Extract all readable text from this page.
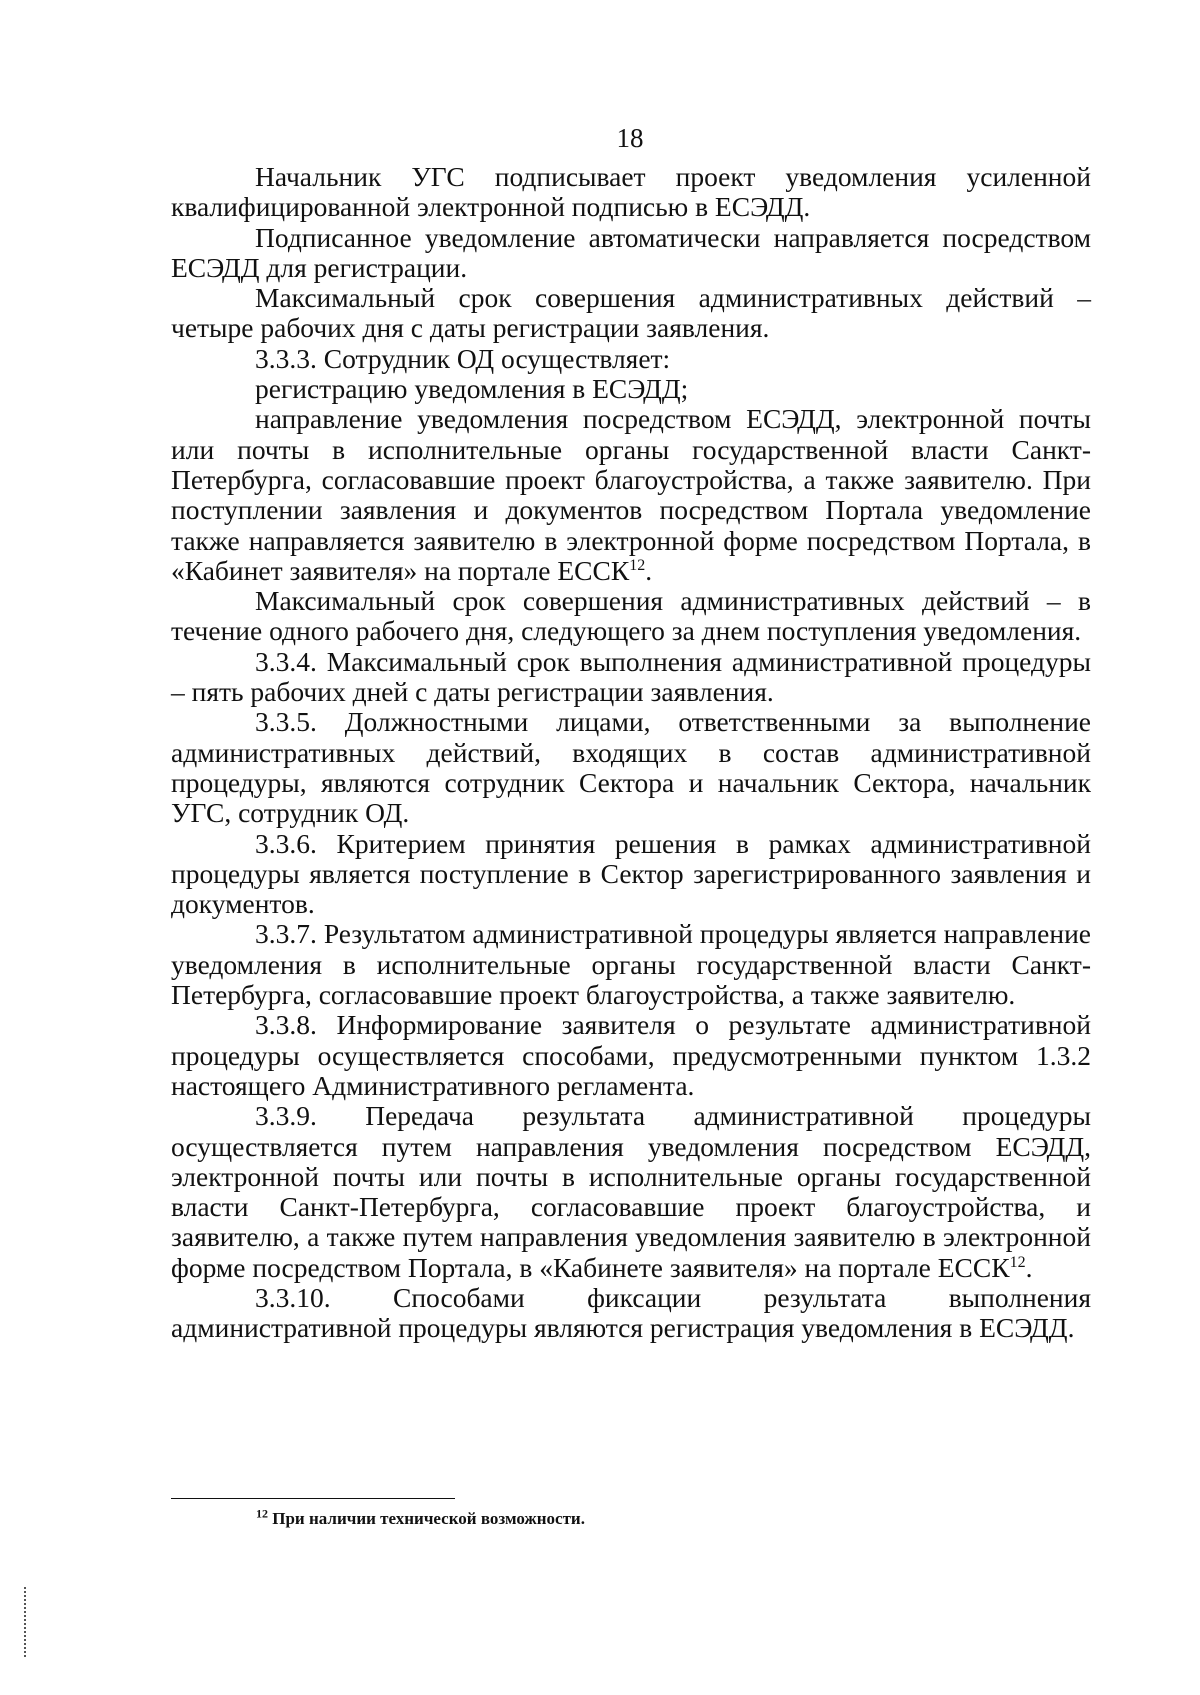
18

Начальник УГС подписывает проект уведомления усиленной квалифицированной электронной подписью в ЕСЭДД.

Подписанное уведомление автоматически направляется посредством ЕСЭДД для регистрации.

Максимальный срок совершения административных действий – четыре рабочих дня с даты регистрации заявления.

3.3.3. Сотрудник ОД осуществляет:

регистрацию уведомления в ЕСЭДД;

направление уведомления посредством ЕСЭДД, электронной почты или почты в исполнительные органы государственной власти Санкт-Петербурга, согласовавшие проект благоустройства, а также заявителю. При поступлении заявления и документов посредством Портала уведомление также направляется заявителю в электронной форме посредством Портала, в «Кабинет заявителя» на портале ЕССК$^{12}$.

Максимальный срок совершения административных действий – в течение одного рабочего дня, следующего за днем поступления уведомления.

3.3.4. Максимальный срок выполнения административной процедуры – пять рабочих дней с даты регистрации заявления.

3.3.5. Должностными лицами, ответственными за выполнение административных действий, входящих в состав административной процедуры, являются сотрудник Сектора и начальник Сектора, начальник УГС, сотрудник ОД.

3.3.6. Критерием принятия решения в рамках административной процедуры является поступление в Сектор зарегистрированного заявления и документов.

3.3.7. Результатом административной процедуры является направление уведомления в исполнительные органы государственной власти Санкт-Петербурга, согласовавшие проект благоустройства, а также заявителю.

3.3.8. Информирование заявителя о результате административной процедуры осуществляется способами, предусмотренными пунктом 1.3.2 настоящего Административного регламента.

3.3.9. Передача результата административной процедуры осуществляется путем направления уведомления посредством ЕСЭДД, электронной почты или почты в исполнительные органы государственной власти Санкт-Петербурга, согласовавшие проект благоустройства, и заявителю, а также путем направления уведомления заявителю в электронной форме посредством Портала, в «Кабинете заявителя» на портале ЕССК$^{12}$.

3.3.10. Способами фиксации результата выполнения административной процедуры являются регистрация уведомления в ЕСЭДД.

$^{12}$ При наличии технической возможности.
